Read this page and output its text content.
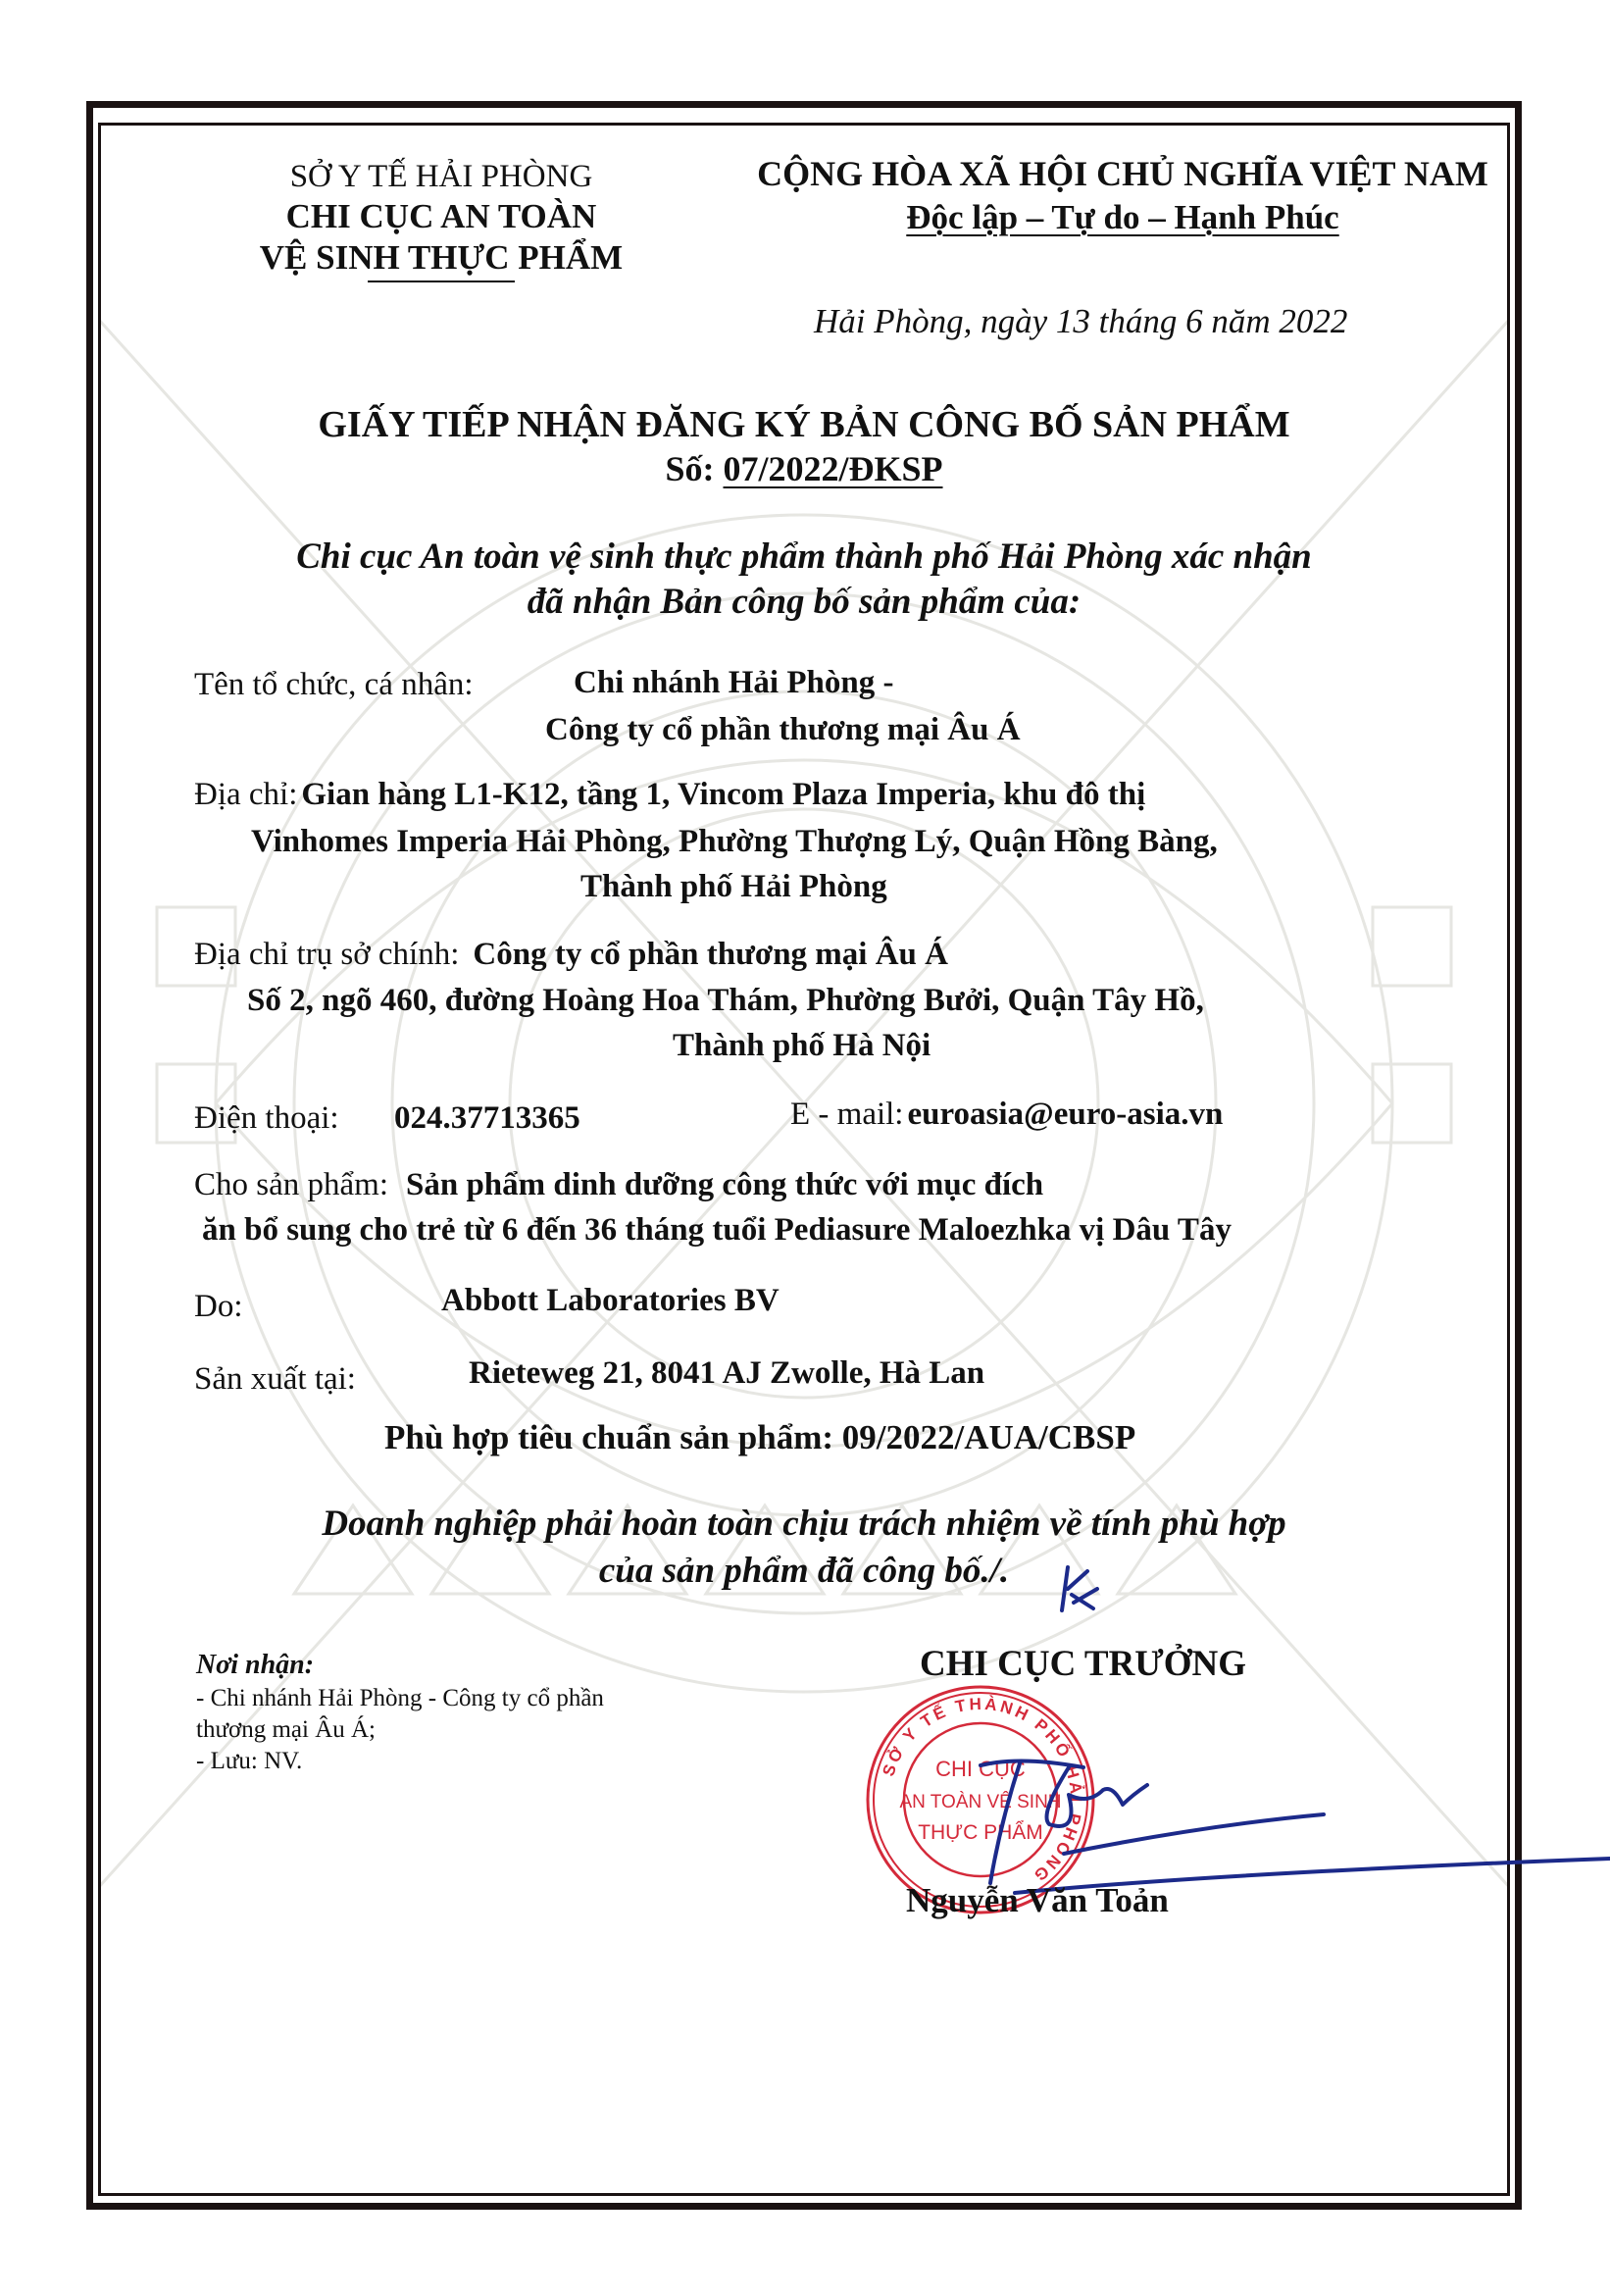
SỞ Y TẾ HẢI PHÒNG
CHI CỤC AN TOÀN
VỆ SINH THỰC PHẨM
CỘNG HÒA XÃ HỘI CHỦ NGHĨA VIỆT NAM
Độc lập – Tự do – Hạnh Phúc
Hải Phòng, ngày 13 tháng 6 năm 2022
GIẤY TIẾP NHẬN ĐĂNG KÝ BẢN CÔNG BỐ SẢN PHẨM
Số: 07/2022/ĐKSP
Chi cục An toàn vệ sinh thực phẩm thành phố Hải Phòng xác nhận
đã nhận Bản công bố sản phẩm của:
Tên tổ chức, cá nhân:	Chi nhánh Hải Phòng -
Công ty cổ phần thương mại Âu Á
Địa chỉ: Gian hàng L1-K12, tầng 1, Vincom Plaza Imperia, khu đô thị
Vinhomes Imperia Hải Phòng, Phường Thượng Lý, Quận Hồng Bàng,
Thành phố Hải Phòng
Địa chỉ trụ sở chính: Công ty cổ phần thương mại Âu Á
Số 2, ngõ 460, đường Hoàng Hoa Thám, Phường Bưởi, Quận Tây Hồ,
Thành phố Hà Nội
Điện thoại: 024.37713365	E - mail: euroasia@euro-asia.vn
Cho sản phẩm: Sản phẩm dinh dưỡng công thức với mục đích
ăn bổ sung cho trẻ từ 6 đến 36 tháng tuổi Pediasure Maloezhka vị Dâu Tây
Do:	Abbott Laboratories BV
Sản xuất tại:	Rieteweg 21, 8041 AJ Zwolle, Hà Lan
Phù hợp tiêu chuẩn sản phẩm: 09/2022/AUA/CBSP
Doanh nghiệp phải hoàn toàn chịu trách nhiệm về tính phù hợp
của sản phẩm đã công bố./.
Nơi nhận:
- Chi nhánh Hải Phòng - Công ty cổ phần
thương mại Âu Á;
- Lưu: NV.
CHI CỤC TRƯỞNG
SỞ Y TẾ THÀNH PHỐ HẢI PHÒNG
CHI CỤC
AN TOÀN VỆ SINH
THỰC PHẨM
Nguyễn Văn Toản
